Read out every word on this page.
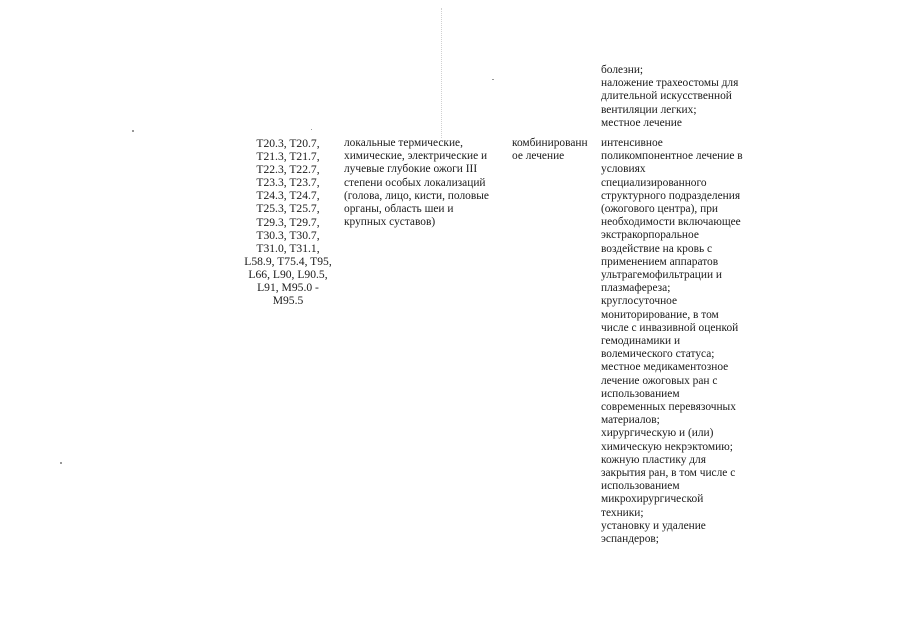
болезни;
наложение трахеостомы для
длительной искусственной
вентиляции легких;
местное лечение
T20.3, T20.7,
T21.3, T21.7,
T22.3, T22.7,
T23.3, T23.7,
T24.3, T24.7,
T25.3, T25.7,
T29.3, T29.7,
T30.3, T30.7,
T31.0, T31.1,
L58.9, T75.4, T95,
L66, L90, L90.5,
L91, M95.0 -
M95.5
локальные термические,
химические, электрические и
лучевые глубокие ожоги III
степени особых локализаций
(голова, лицо, кисти, половые
органы, область шеи и
крупных суставов)
комбинированн
ое лечение
интенсивное
поликомпонентное лечение в
условиях
специализированного
структурного подразделения
(ожогового центра), при
необходимости включающее
экстракорпоральное
воздействие на кровь с
применением аппаратов
ультрагемофильтрации и
плазмафереза;
круглосуточное
мониторирование, в том
числе с инвазивной оценкой
гемодинамики и
волемического статуса;
местное медикаментозное
лечение ожоговых ран с
использованием
современных перевязочных
материалов;
хирургическую и (или)
химическую некрэктомию;
кожную пластику для
закрытия ран, в том числе с
использованием
микрохирургической
техники;
установку и удаление
эспандеров;
